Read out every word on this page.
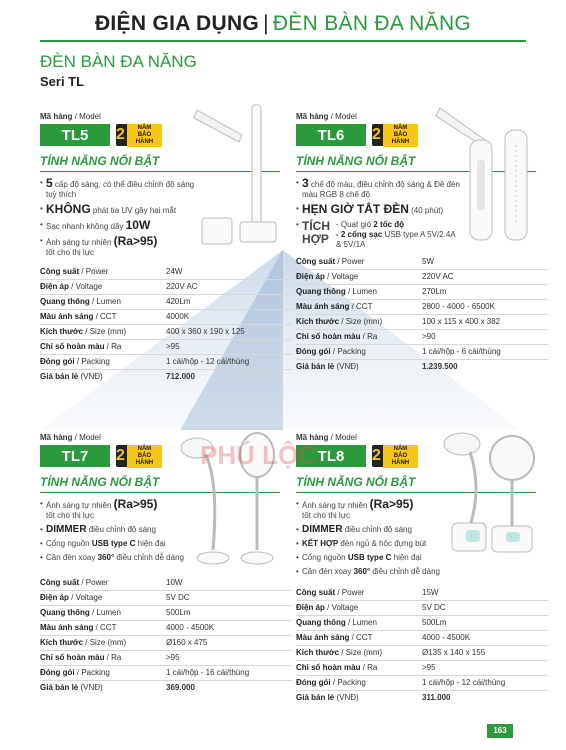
ĐIỆN GIA DỤNG | ĐÈN BÀN ĐA NĂNG
ĐÈN BÀN ĐA NĂNG
Seri TL
Mã hàng / Model
TL5	2	NĂM
BẢO HÀNH
TÍNH NĂNG NỔI BẬT
• 5 cấp độ sáng, có thể điều chỉnh độ sáng tuỳ thích
• KHÔNG phát tia UV gây hại mắt
• Sạc nhanh không dây 10W
• Ánh sáng tự nhiên (Ra>95)
tốt cho thị lực
Công suất / Power	24W
Điện áp / Voltage	220V AC
Quang thông / Lumen	420Lm
Màu ánh sáng / CCT	4000K
Kích thước / Size (mm)	400 x 360 x 190 x 125
Chỉ số hoàn màu / Ra	>95
Đóng gói / Packing	1 cái/hộp - 12 cái/thùng
Giá bán lẻ (VNĐ)	712.000
Mã hàng / Model
TL6	2	NĂM
BẢO HÀNH
TÍNH NĂNG NỔI BẬT
• 3 chế độ màu, điều chỉnh độ sáng & Đề đèn màu RGB 8 chế độ
• HẸN GIỜ TẮT ĐÈN (40 phút)
• TÍCH
HỢP
- Quạt gió 2 tốc độ
- 2 cổng sạc USB type A 5V/2.4A & 5V/1A
Công suất / Power	5W
Điện áp / Voltage	220V AC
Quang thông / Lumen	270Lm
Màu ánh sáng / CCT	2800 - 4000 - 6500K
Kích thước / Size (mm)	100 x 115 x 400 x 382
Chỉ số hoàn màu / Ra	>90
Đóng gói / Packing	1 cái/hộp - 6 cái/thùng
Giá bán lẻ (VNĐ)	1.239.500
Mã hàng / Model
TL7	2	NĂM
BẢO HÀNH
TÍNH NĂNG NỔI BẬT
• Ánh sáng tự nhiên (Ra>95)
tốt cho thị lực
• DIMMER điều chỉnh độ sáng
• Cổng nguồn USB type C hiện đại
• Cần đèn xoay 360° điều chỉnh dễ dàng
Công suất / Power	10W
Điện áp / Voltage	5V DC
Quang thông / Lumen	500Lm
Màu ánh sáng / CCT	4000 - 4500K
Kích thước / Size (mm)	Ø160 x 475
Chỉ số hoàn màu / Ra	>95
Đóng gói / Packing	1 cái/hộp - 16 cái/thùng
Giá bán lẻ (VNĐ)	369.000
Mã hàng / Model
TL8	2	NĂM
BẢO HÀNH
TÍNH NĂNG NỔI BẬT
• Ánh sáng tự nhiên (Ra>95)
tốt cho thị lực
• DIMMER điều chỉnh độ sáng
• KẾT HỢP đèn ngủ & hộc đựng bút
• Cổng nguồn USB type C hiện đại
• Cần đèn xoay 360° điều chỉnh dễ dàng
Công suất / Power	15W
Điện áp / Voltage	5V DC
Quang thông / Lumen	500Lm
Màu ánh sáng / CCT	4000 - 4500K
Kích thước / Size (mm)	Ø135 x 140 x 155
Chỉ số hoàn màu / Ra	>95
Đóng gói / Packing	1 cái/hộp - 12 cái/thùng
Giá bán lẻ (VNĐ)	311.000
PHÚ LỘC
163
